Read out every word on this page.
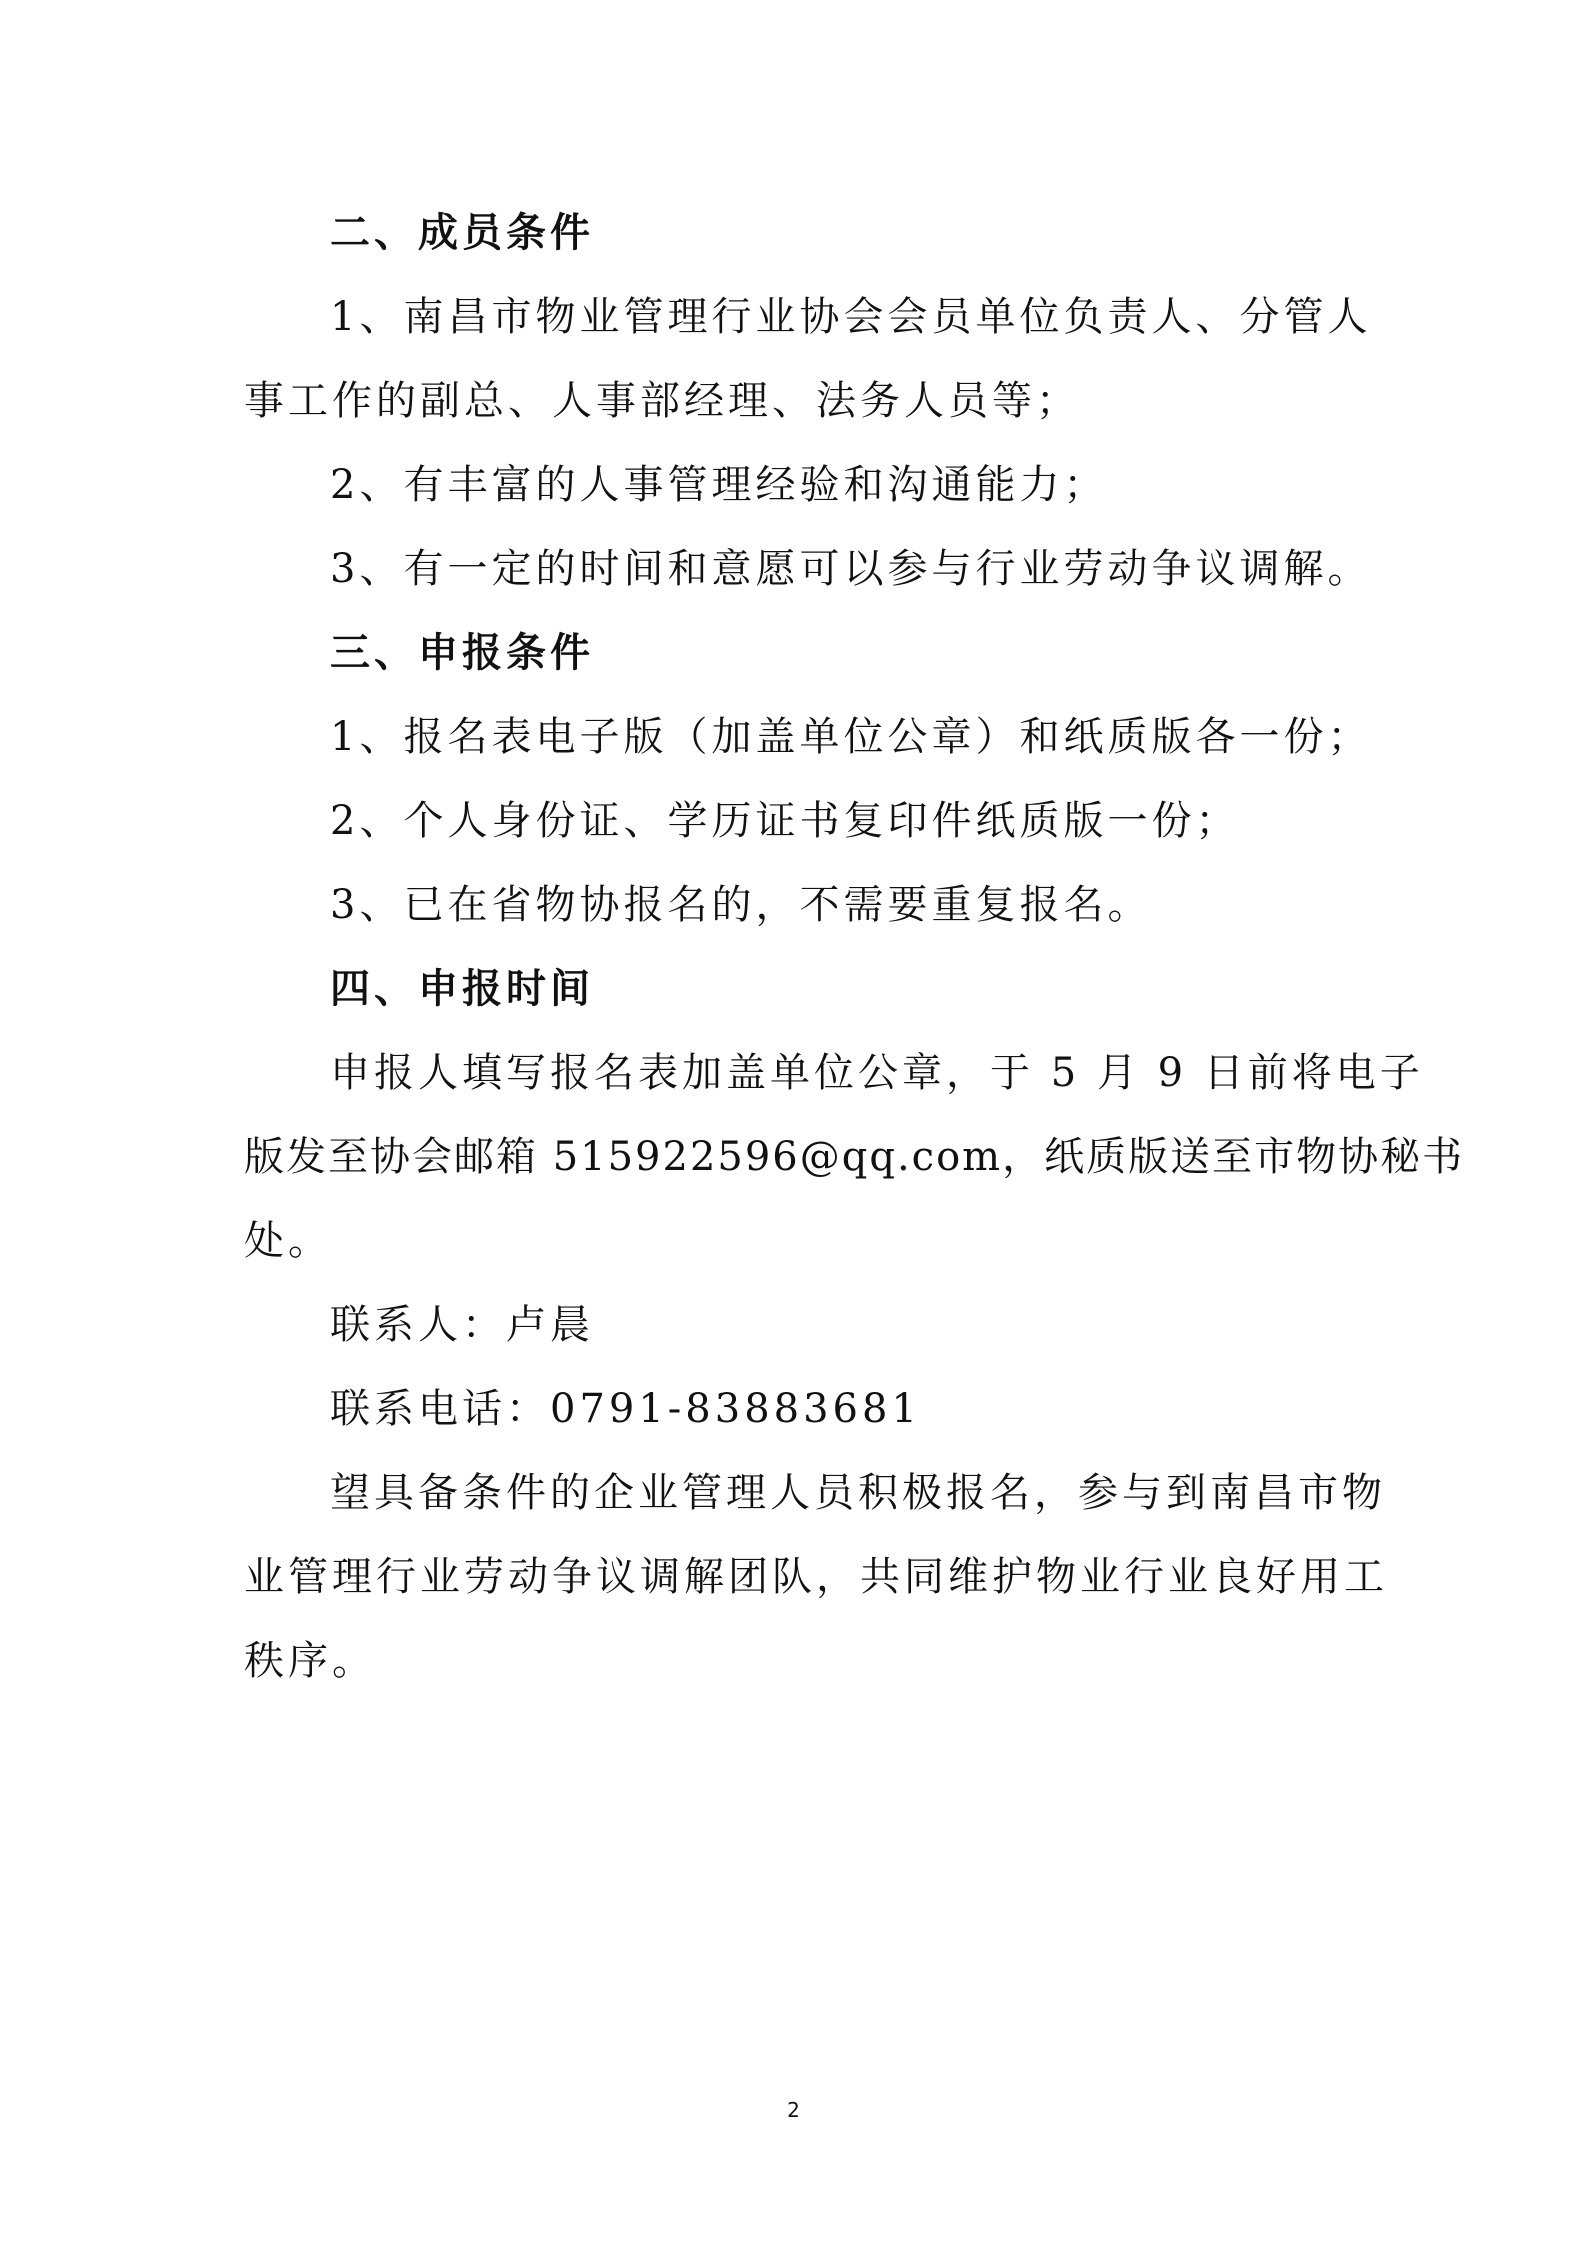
二、成员条件
1、南昌市物业管理行业协会会员单位负责人、分管人
事工作的副总、人事部经理、法务人员等；
2、有丰富的人事管理经验和沟通能力；
3、有一定的时间和意愿可以参与行业劳动争议调解。
三、申报条件
1、报名表电子版（加盖单位公章）和纸质版各一份；
2、个人身份证、学历证书复印件纸质版一份；
3、已在省物协报名的，不需要重复报名。
四、申报时间
申报人填写报名表加盖单位公章，于 5 月 9 日前将电子
版发至协会邮箱 515922596@qq.com，纸质版送至市物协秘书
处。
联系人：卢晨
联系电话：0791-83883681
望具备条件的企业管理人员积极报名，参与到南昌市物
业管理行业劳动争议调解团队，共同维护物业行业良好用工
秩序。
2
